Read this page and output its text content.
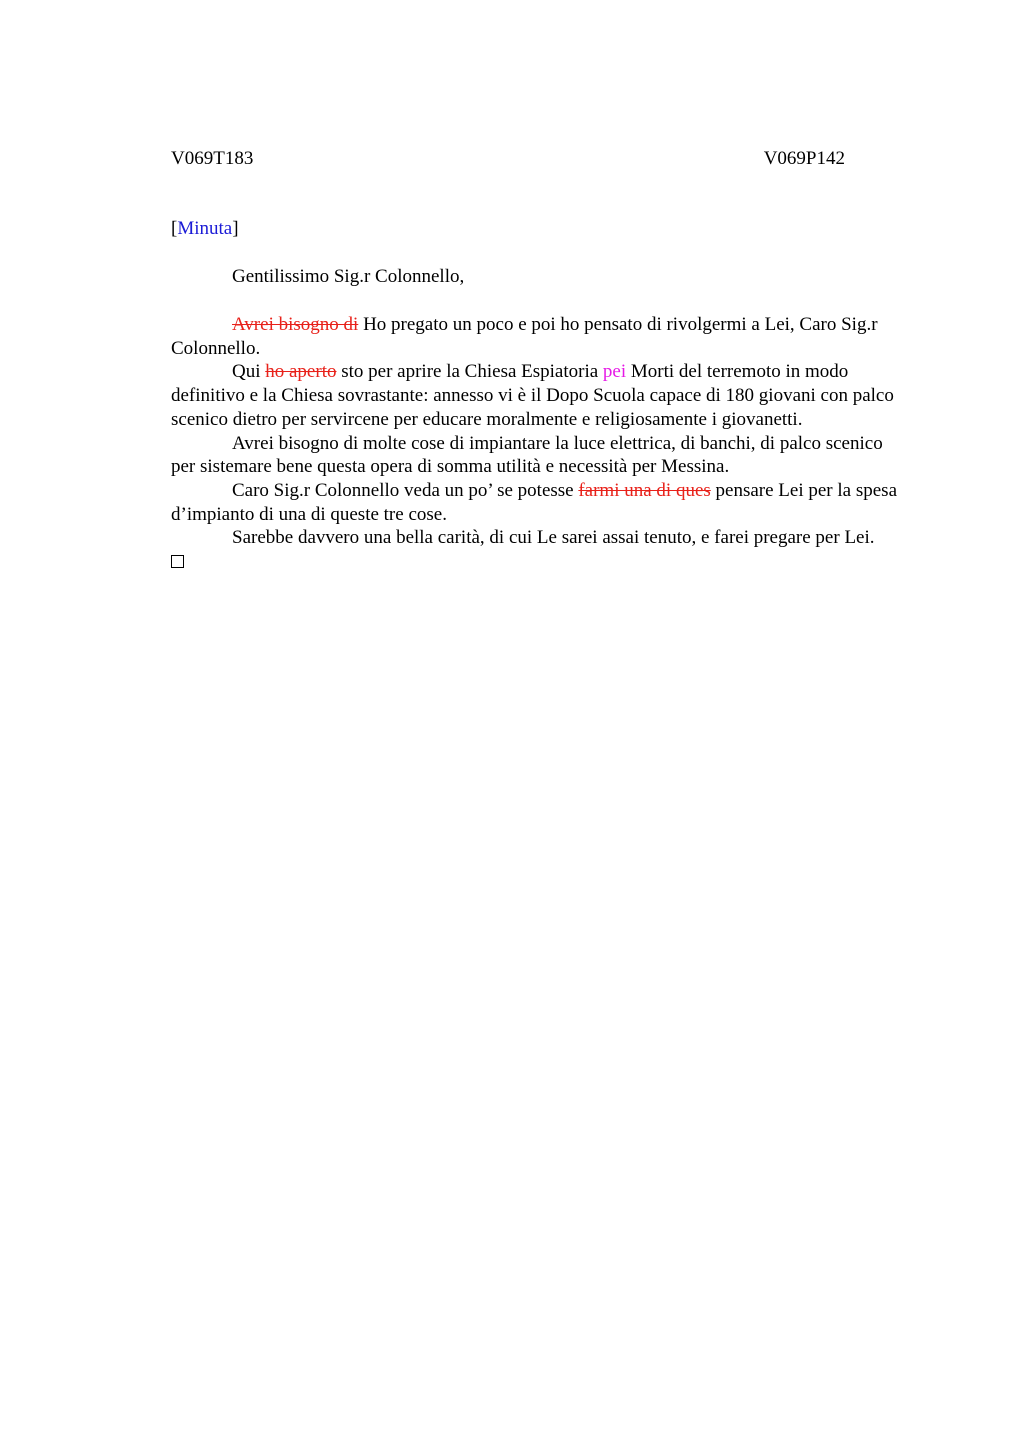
V069T183	V069P142
[Minuta]
Gentilissimo Sig.r Colonnello,

Avrei bisogno di Ho pregato un poco e poi ho pensato di rivolgermi a Lei, Caro Sig.r Colonnello.

Qui ho aperto sto per aprire la Chiesa Espiatoria pei Morti del terremoto in modo definitivo e la Chiesa sovrastante: annesso vi è il Dopo Scuola capace di 180 giovani con palco scenico dietro per servircene per educare moralmente e religiosamente i giovanetti.

Avrei bisogno di molte cose di impiantare la luce elettrica, di banchi, di palco scenico per sistemare bene questa opera di somma utilità e necessità per Messina.

Caro Sig.r Colonnello veda un po’ se potesse farmi una di ques pensare Lei per la spesa d’impianto di una di queste tre cose.

Sarebbe davvero una bella carità, di cui Le sarei assai tenuto, e farei pregare per Lei.
